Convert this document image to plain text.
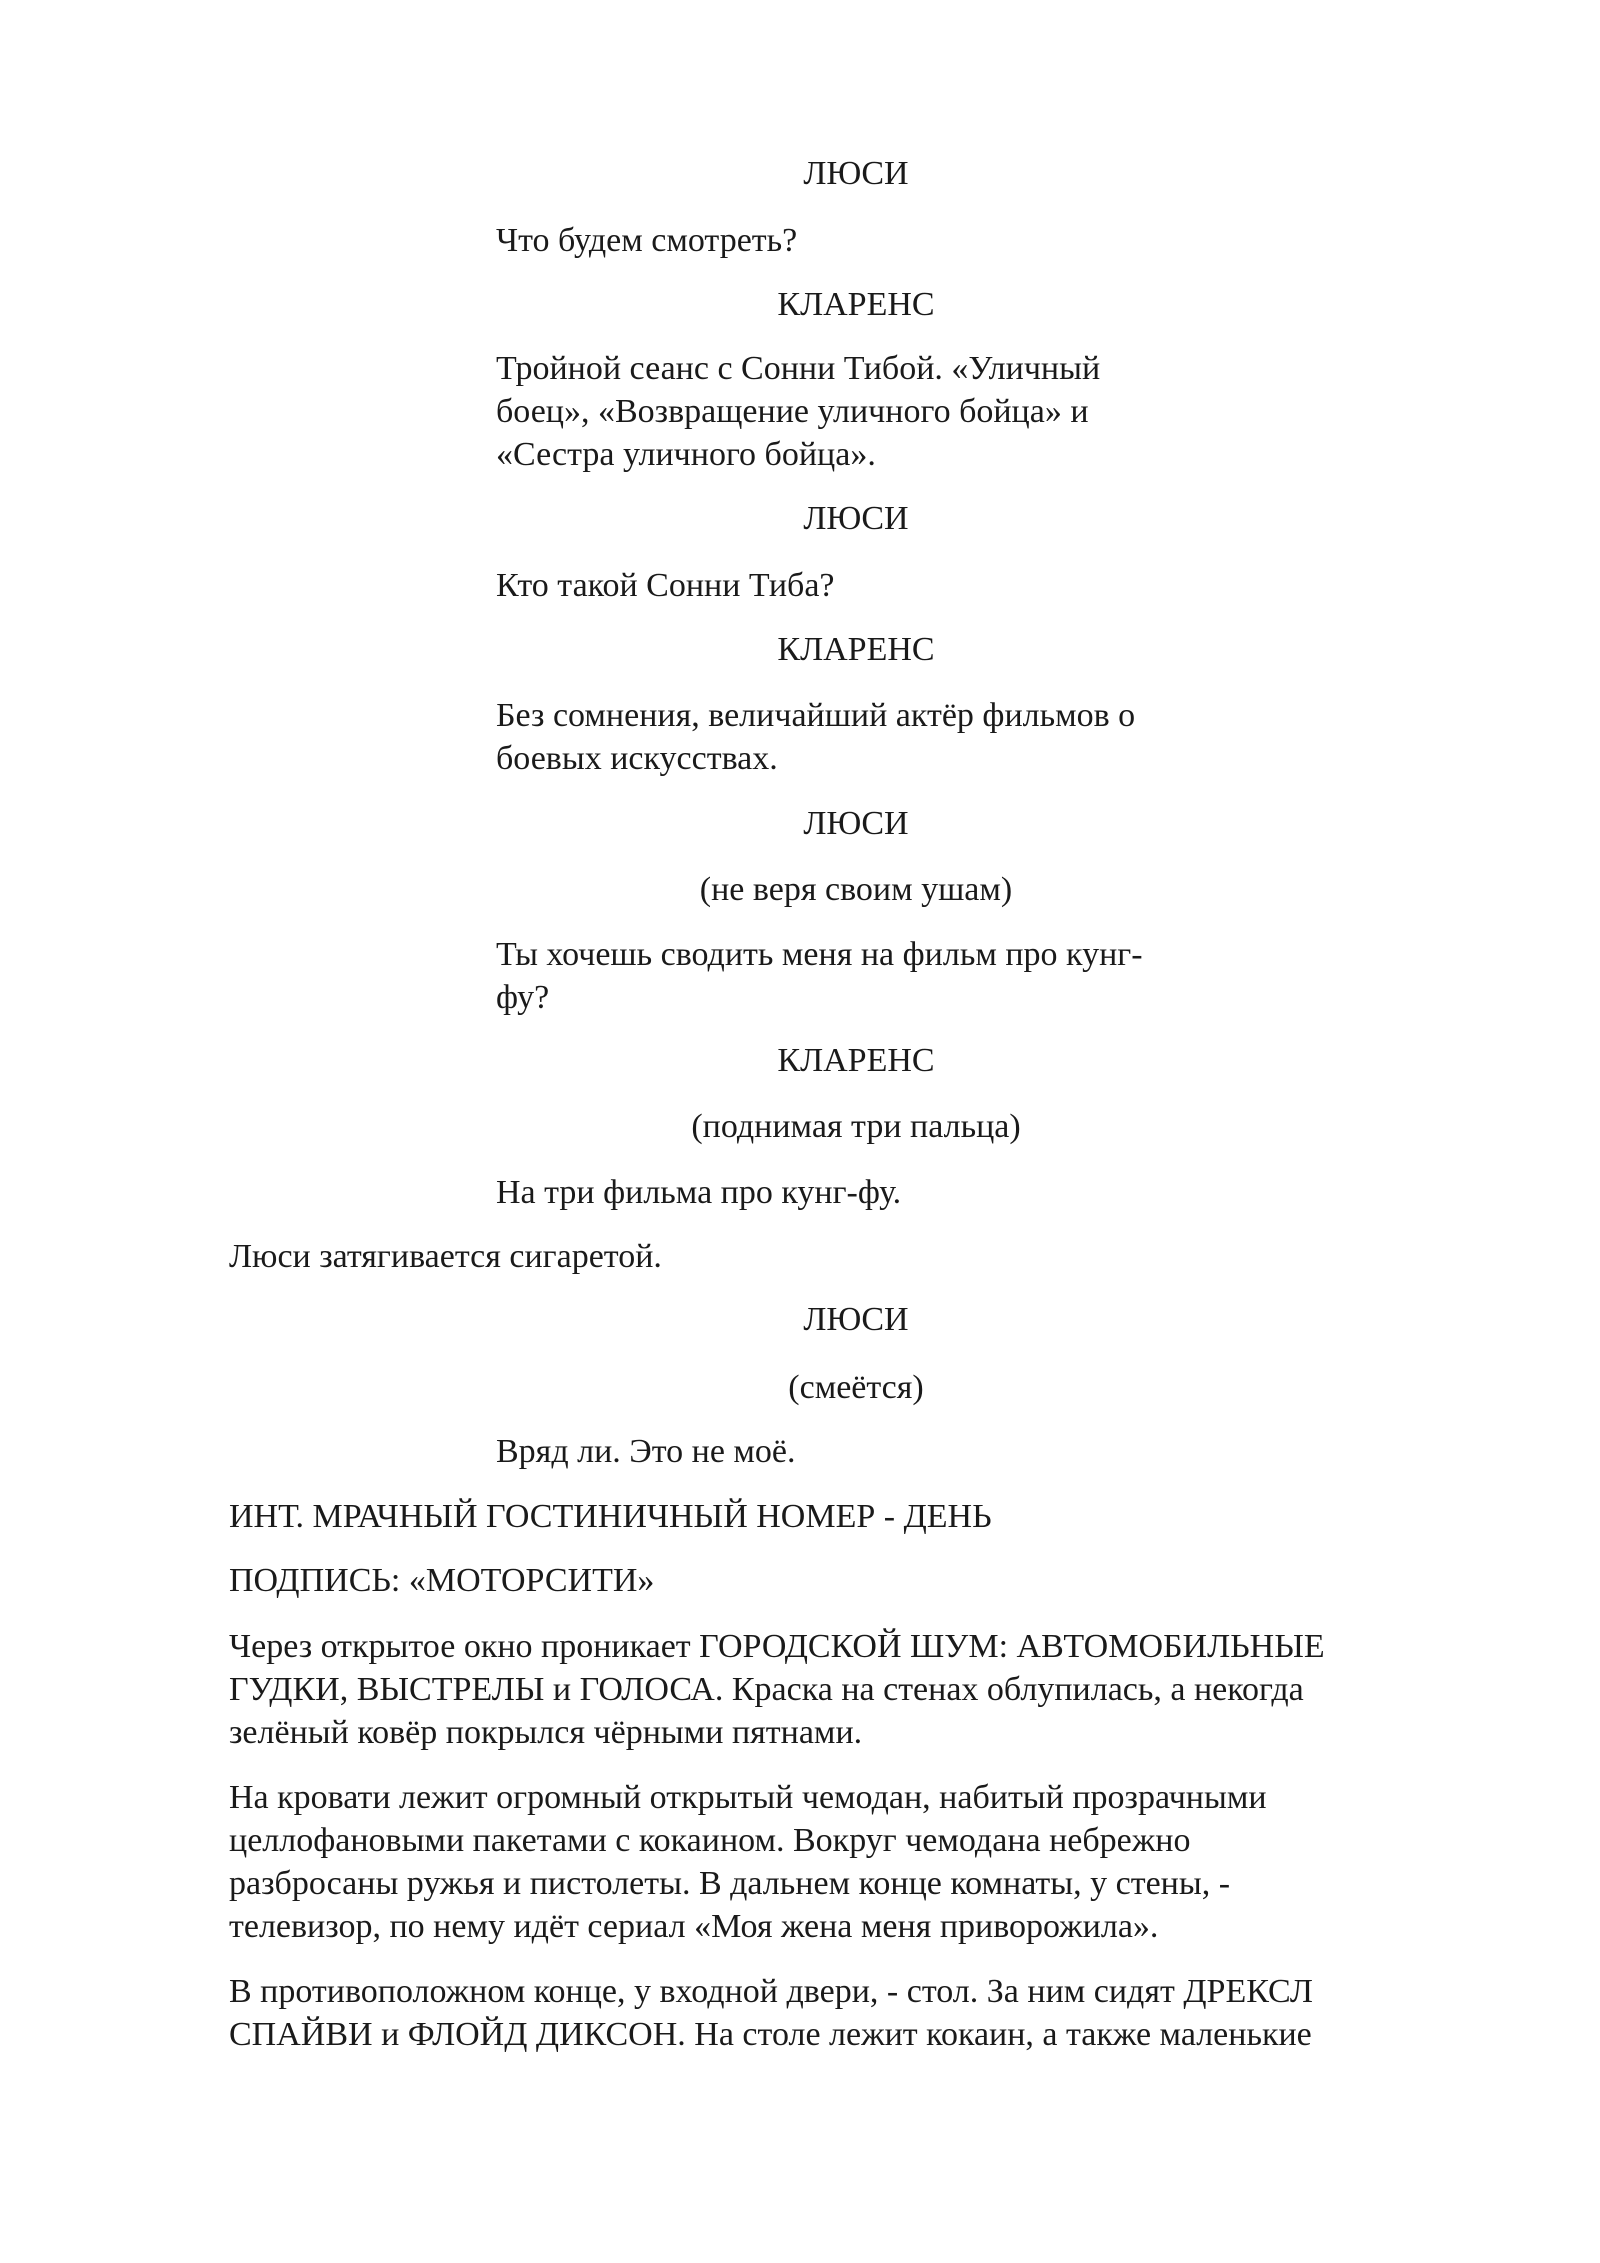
ЛЮСИ

Что будем смотреть?

КЛАРЕНС

Тройной сеанс с Сонни Тибой. «Уличный
боец», «Возвращение уличного бойца» и
«Сестра уличного бойца».

ЛЮСИ

Кто такой Сонни Тиба?

КЛАРЕНС

Без сомнения, величайший актёр фильмов о
боевых искусствах.

ЛЮСИ

(не веря своим ушам)

Ты хочешь сводить меня на фильм про кунг-
фу?

КЛАРЕНС

(поднимая три пальца)

На три фильма про кунг-фу.

Люси затягивается сигаретой.

ЛЮСИ

(смеётся)

Вряд ли. Это не моё.

ИНТ. МРАЧНЫЙ ГОСТИНИЧНЫЙ НОМЕР - ДЕНЬ

ПОДПИСЬ: «МОТОРСИТИ»

Через открытое окно проникает ГОРОДСКОЙ ШУМ: АВТОМОБИЛЬНЫЕ
ГУДКИ, ВЫСТРЕЛЫ и ГОЛОСА. Краска на стенах облупилась, а некогда
зелёный ковёр покрылся чёрными пятнами.
На кровати лежит огромный открытый чемодан, набитый прозрачными
целлофановыми пакетами с кокаином. Вокруг чемодана небрежно
разбросаны ружья и пистолеты. В дальнем конце комнаты, у стены, -
телевизор, по нему идёт сериал «Моя жена меня приворожила».
В противоположном конце, у входной двери, - стол. За ним сидят ДРЕКСЛ
СПАЙВИ и ФЛОЙД ДИКСОН. На столе лежит кокаин, а также маленькие
